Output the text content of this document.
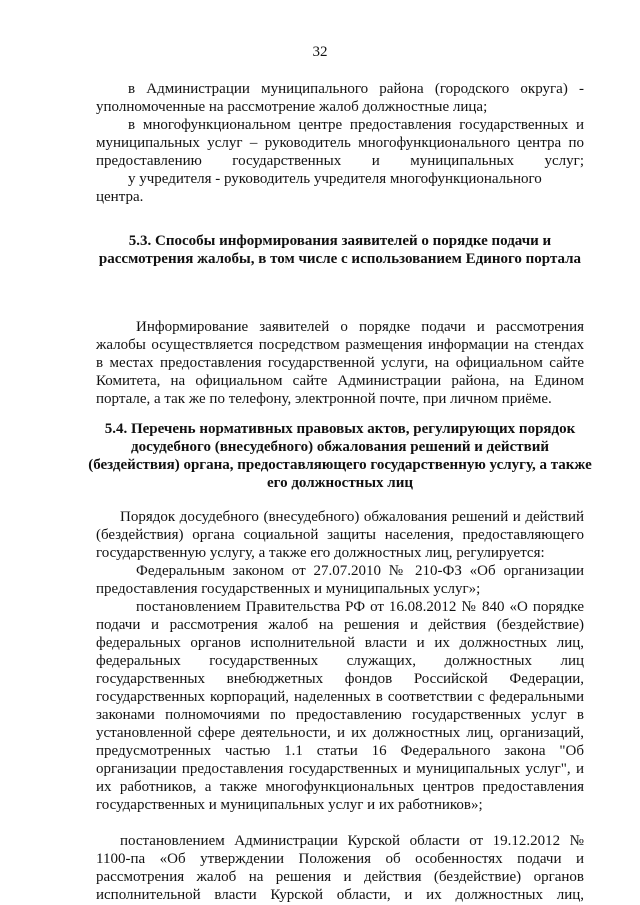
32
в Администрации муниципального района (городского округа) - уполномоченные на рассмотрение жалоб должностные лица;
в многофункциональном центре предоставления государственных и муниципальных услуг – руководитель многофункционального центра по предоставлению государственных и муниципальных услуг;
у учредителя - руководитель учредителя многофункционального
центра.
5.3. Способы информирования заявителей о порядке подачи и рассмотрения жалобы, в том числе с использованием Единого портала
Информирование заявителей о порядке подачи и рассмотрения жалобы осуществляется посредством размещения информации на стендах в местах предоставления государственной услуги, на официальном сайте Комитета, на официальном сайте Администрации района, на Едином портале, а так же по телефону, электронной почте, при личном приёме.
5.4. Перечень нормативных правовых актов, регулирующих порядок досудебного (внесудебного) обжалования решений и действий (бездействия) органа, предоставляющего государственную услугу, а также его должностных лиц
Порядок досудебного (внесудебного) обжалования решений и действий (бездействия) органа социальной защиты населения, предоставляющего государственную услугу, а также его должностных лиц, регулируется:
Федеральным законом от 27.07.2010 № 210-ФЗ «Об организации предоставления государственных и муниципальных услуг»;
постановлением Правительства РФ от 16.08.2012 № 840 «О порядке подачи и рассмотрения жалоб на решения и действия (бездействие) федеральных органов исполнительной власти и их должностных лиц, федеральных государственных служащих, должностных лиц государственных внебюджетных фондов Российской Федерации, государственных корпораций, наделенных в соответствии с федеральными законами полномочиями по предоставлению государственных услуг в установленной сфере деятельности, и их должностных лиц, организаций, предусмотренных частью 1.1 статьи 16 Федерального закона "Об организации предоставления государственных и муниципальных услуг", и их работников, а также многофункциональных центров предоставления государственных и муниципальных услуг и их работников»;
постановлением Администрации Курской области от 19.12.2012 № 1100-па «Об утверждении Положения об особенностях подачи и рассмотрения жалоб на решения и действия (бездействие) органов исполнительной власти Курской области, и их должностных лиц,
